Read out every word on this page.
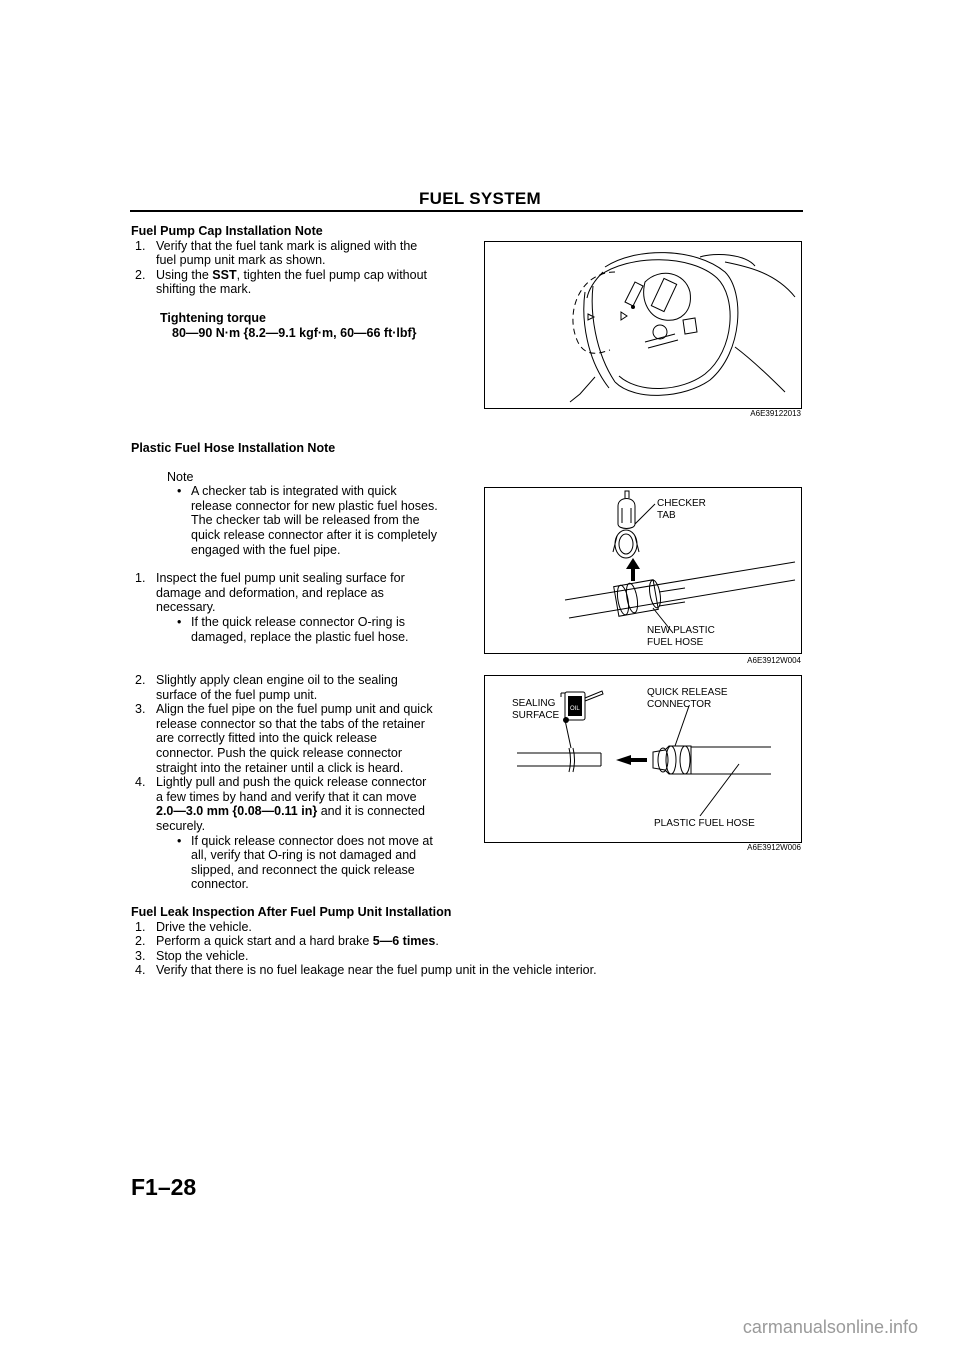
FUEL SYSTEM
Fuel Pump Cap Installation Note
1. Verify that the fuel tank mark is aligned with the
fuel pump unit mark as shown.
2. Using the SST, tighten the fuel pump cap without
shifting the mark.
Tightening torque
80—90 N·m {8.2—9.1 kgf·m, 60—66 ft·lbf}
A6E39122013
Plastic Fuel Hose Installation Note
Note
• A checker tab is integrated with quick
release connector for new plastic fuel hoses.
The checker tab will be released from the
quick release connector after it is completely
engaged with the fuel pipe.
1. Inspect the fuel pump unit sealing surface for
damage and deformation, and replace as
necessary.
• If the quick release connector O-ring is
damaged, replace the plastic fuel hose.
CHECKER
TAB
NEW PLASTIC
FUEL HOSE
A6E3912W004
2. Slightly apply clean engine oil to the sealing
surface of the fuel pump unit.
3. Align the fuel pipe on the fuel pump unit and quick
release connector so that the tabs of the retainer
are correctly fitted into the quick release
connector. Push the quick release connector
straight into the retainer until a click is heard.
4. Lightly pull and push the quick release connector
a few times by hand and verify that it can move
2.0—3.0 mm {0.08—0.11 in} and it is connected
securely.
• If quick release connector does not move at
all, verify that O-ring is not damaged and
slipped, and reconnect the quick release
connector.
OIL
SEALING
SURFACE
QUICK RELEASE
CONNECTOR
PLASTIC FUEL HOSE
A6E3912W006
Fuel Leak Inspection After Fuel Pump Unit Installation
1. Drive the vehicle.
2. Perform a quick start and a hard brake 5—6 times.
3. Stop the vehicle.
4. Verify that there is no fuel leakage near the fuel pump unit in the vehicle interior.
F1–28
carmanualsonline.info
